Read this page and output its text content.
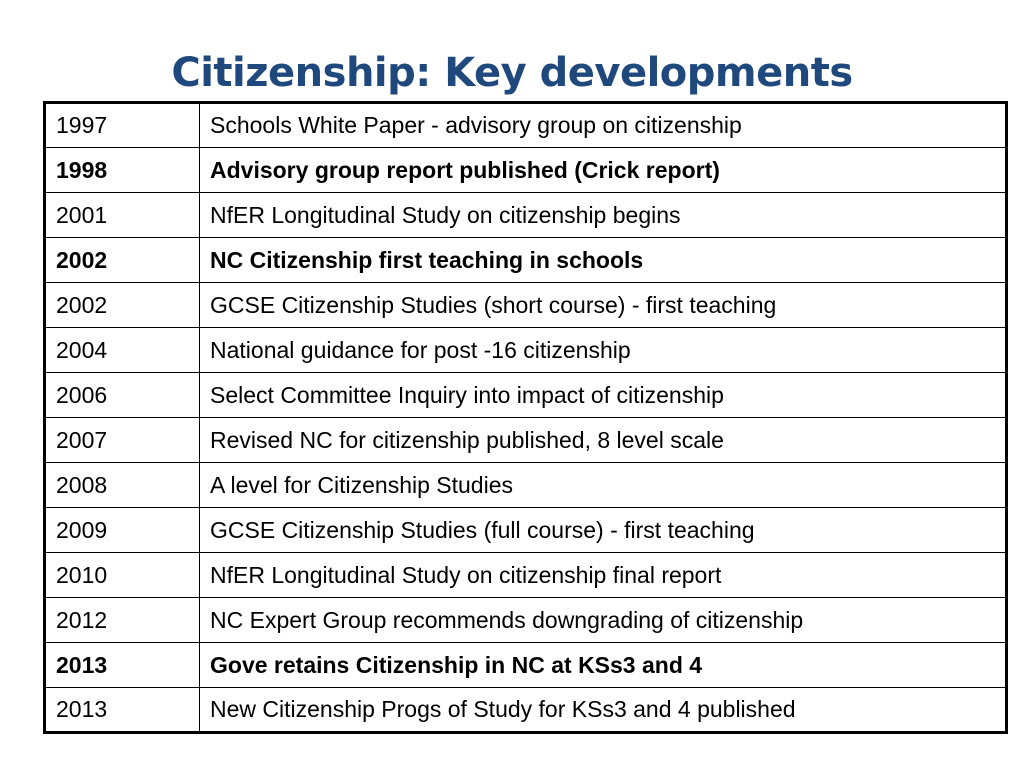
Citizenship: Key developments
1997	Schools White Paper - advisory group on citizenship
1998	Advisory group report published (Crick report)
2001	NfER Longitudinal Study on citizenship begins
2002	NC Citizenship first teaching in schools
2002	GCSE Citizenship Studies (short course) - first teaching
2004	National guidance for post -16 citizenship
2006	Select Committee Inquiry into impact of citizenship
2007	Revised NC for citizenship published, 8 level scale
2008	A level for Citizenship Studies
2009	GCSE Citizenship Studies (full course) - first teaching
2010	NfER Longitudinal Study on citizenship final report
2012	NC Expert Group recommends downgrading of citizenship
2013	Gove retains Citizenship in NC at KSs3 and 4
2013	New Citizenship Progs of Study for KSs3 and 4 published
